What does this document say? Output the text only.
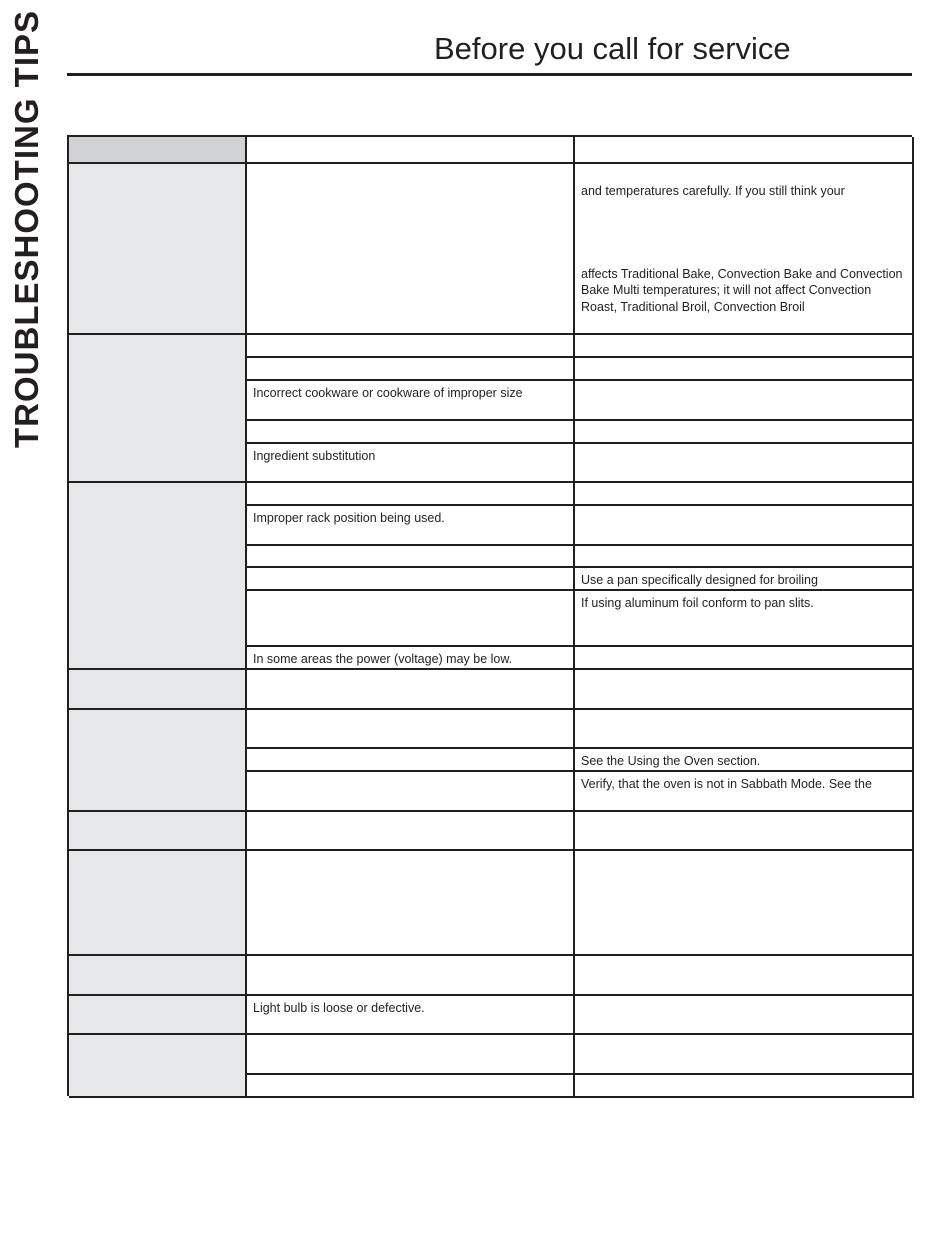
TROUBLESHOOTING TIPS	Before you call for service
and temperatures carefully. If you still think your
affects Traditional Bake, Convection Bake and Convection Bake Multi temperatures; it will not affect Convection Roast, Traditional Broil, Convection Broil
Incorrect cookware or cookware of improper size
Ingredient substitution
Improper rack position being used.
Use a pan specifically designed for broiling
If using aluminum foil conform to pan slits.
In some areas the power (voltage) may be low.
See the Using the Oven section.
Verify, that the oven is not in Sabbath Mode. See the
Light bulb is loose or defective.
